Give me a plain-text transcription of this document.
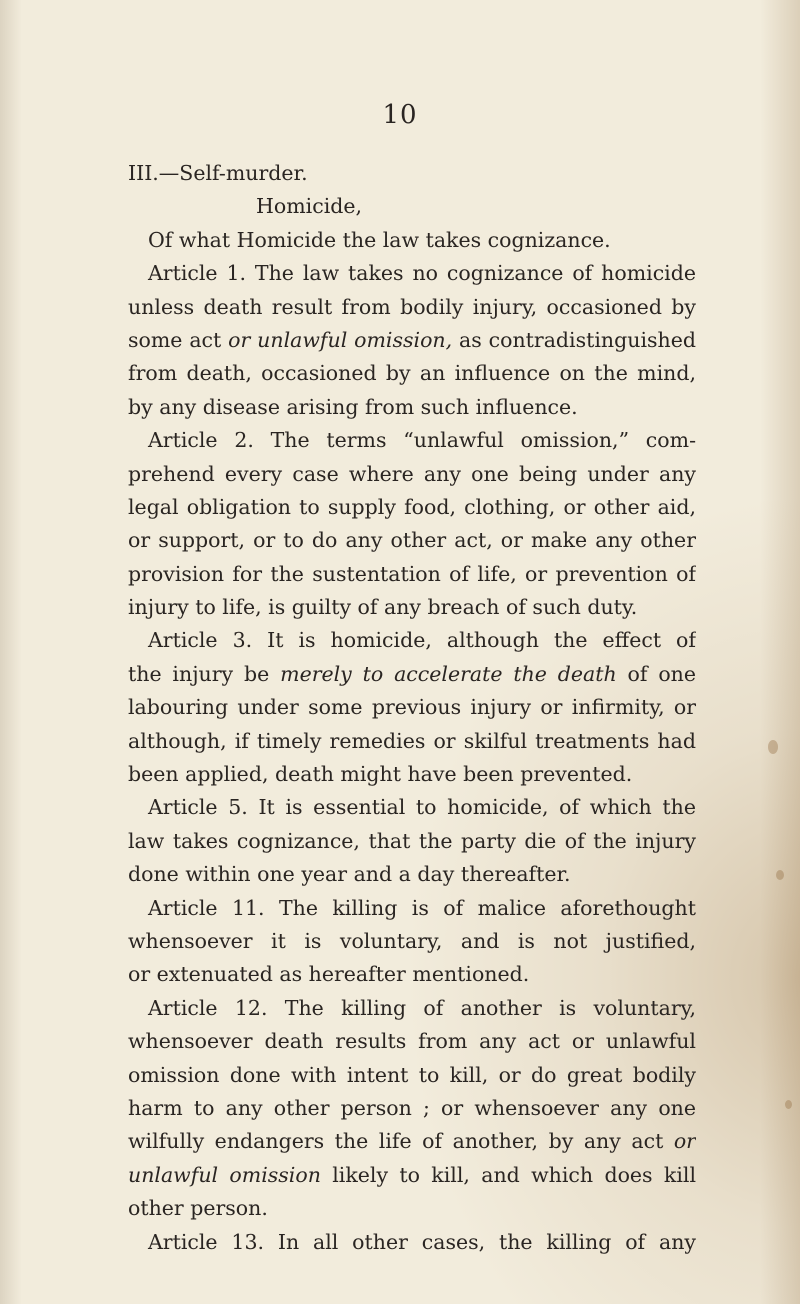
10
III.—Self-murder.
Homicide,
Of what Homicide the law takes cognizance.
Article 1. The law takes no cognizance of homicide
unless death result from bodily injury, occasioned by
some act or unlawful omission, as contradistinguished
from death, occasioned by an influence on the mind,
by any disease arising from such influence.
Article 2. The terms “unlawful omission,” com-
prehend every case where any one being under any
legal obligation to supply food, clothing, or other aid,
or support, or to do any other act, or make any other
provision for the sustentation of life, or prevention of
injury to life, is guilty of any breach of such duty.
Article 3. It is homicide, although the effect of
the injury be merely to accelerate the death of one
labouring under some previous injury or infirmity, or
although, if timely remedies or skilful treatments had
been applied, death might have been prevented.
Article 5. It is essential to homicide, of which the
law takes cognizance, that the party die of the injury
done within one year and a day thereafter.
Article 11. The killing is of malice aforethought
whensoever it is voluntary, and is not justified,
or extenuated as hereafter mentioned.
Article 12. The killing of another is voluntary,
whensoever death results from any act or unlawful
omission done with intent to kill, or do great bodily
harm to any other person ; or whensoever any one
wilfully endangers the life of another, by any act or
unlawful omission likely to kill, and which does kill
other person.
Article 13. In all other cases, the killing of any
